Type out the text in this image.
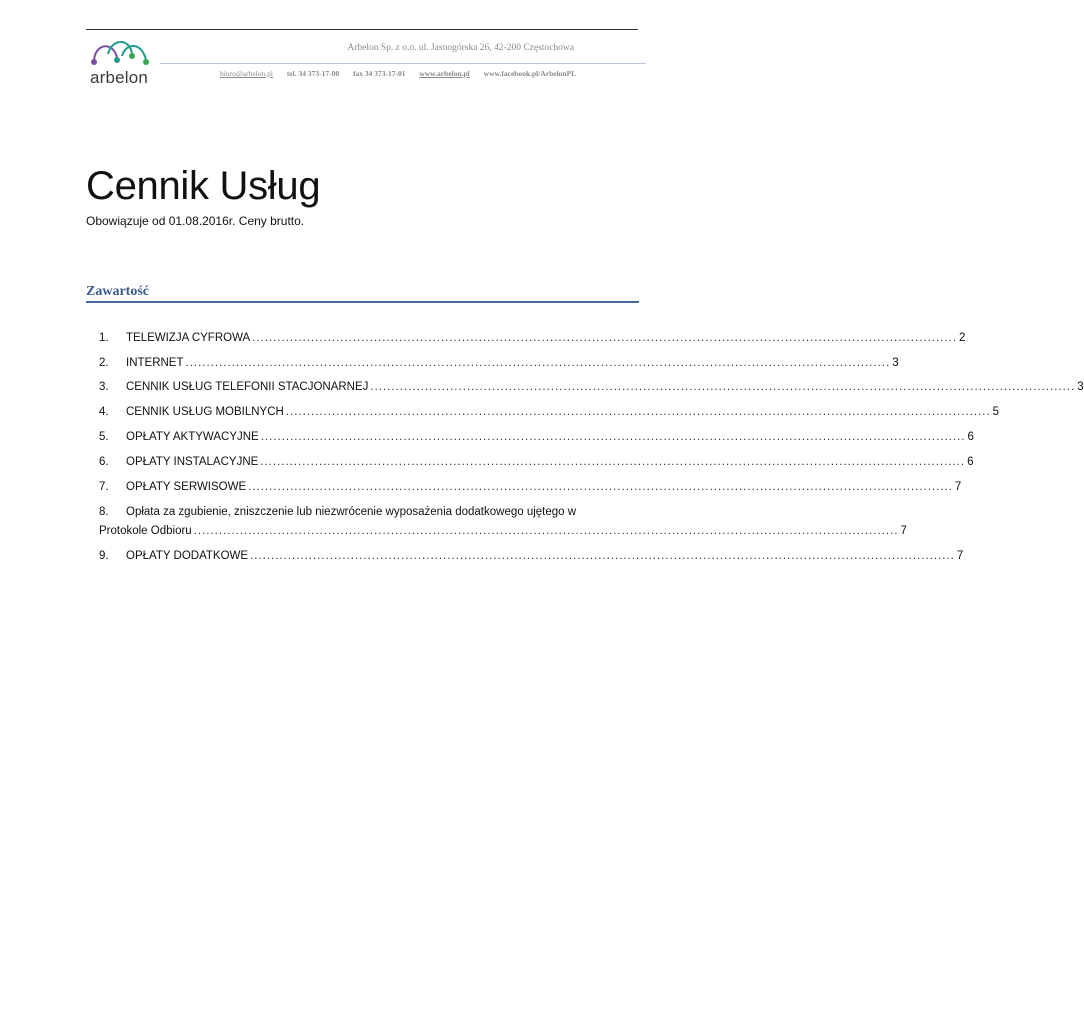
arbelon
Arbelon Sp. z o.o. ul. Jasnogórska 26, 42-200 Częstochowa
biuro@arbelon.pl tel. 34 373-17-00 fax 34 373-17-01 www.arbelon.pl www.facebook.pl/ArbelonPL
Cennik Usług
Obowiązuje od 01.08.2016r. Ceny brutto.
Zawartość
1.	TELEWIZJA CYFROWA ........................................................................................................................................................................ 2
2.	INTERNET ........................................................................................................................................................................ 3
3.	CENNIK USŁUG TELEFONII STACJONARNEJ ........................................................................................................................................................................ 3
4.	CENNIK USŁUG MOBILNYCH ........................................................................................................................................................................ 5
5.	OPŁATY AKTYWACYJNE ........................................................................................................................................................................ 6
6.	OPŁATY INSTALACYJNE ........................................................................................................................................................................ 6
7.	OPŁATY SERWISOWE ........................................................................................................................................................................ 7
8.	Opłata za zgubienie, zniszczenie lub niezwrócenie wyposażenia dodatkowego ujętego w
Protokole Odbioru ........................................................................................................................................................................ 7
9.	OPŁATY DODATKOWE ........................................................................................................................................................................ 7
